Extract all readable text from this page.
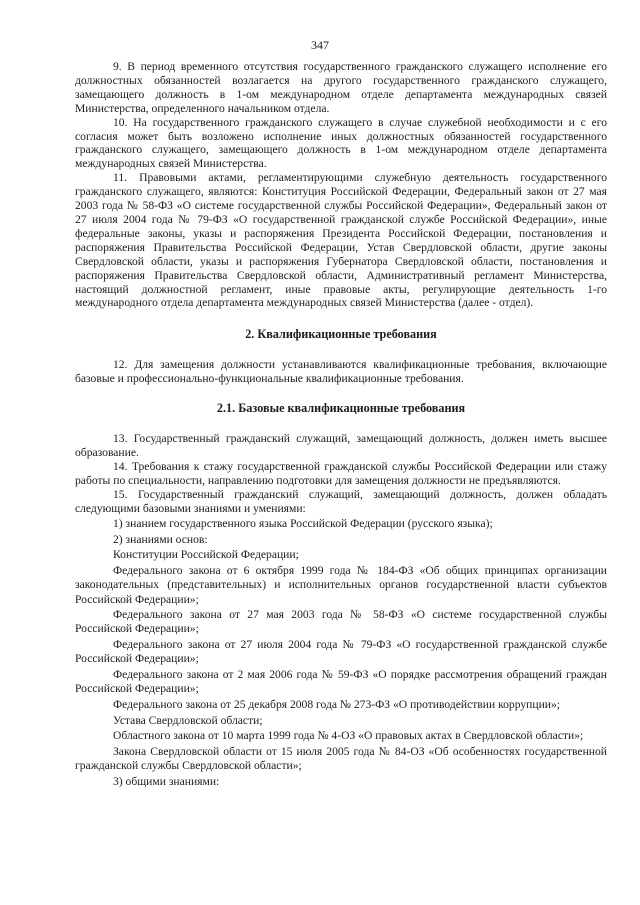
347

9. В период временного отсутствия государственного гражданского служащего исполнение его должностных обязанностей возлагается на другого государственного гражданского служащего, замещающего должность в 1-ом международном отделе департамента международных связей Министерства, определенного начальником отдела.

10. На государственного гражданского служащего в случае служебной необходимости и с его согласия может быть возложено исполнение иных должностных обязанностей государственного гражданского служащего, замещающего должность в 1-ом международном отделе департамента международных связей Министерства.

11. Правовыми актами, регламентирующими служебную деятельность государственного гражданского служащего, являются: Конституция Российской Федерации, Федеральный закон от 27 мая 2003 года № 58-ФЗ «О системе государственной службы Российской Федерации», Федеральный закон от 27 июля 2004 года № 79-ФЗ «О государственной гражданской службе Российской Федерации», иные федеральные законы, указы и распоряжения Президента Российской Федерации, постановления и распоряжения Правительства Российской Федерации, Устав Свердловской области, другие законы Свердловской области, указы и распоряжения Губернатора Свердловской области, постановления и распоряжения Правительства Свердловской области, Административный регламент Министерства, настоящий должностной регламент, иные правовые акты, регулирующие деятельность 1-го международного отдела департамента международных связей Министерства (далее - отдел).

2. Квалификационные требования

12. Для замещения должности устанавливаются квалификационные требования, включающие базовые и профессионально-функциональные квалификационные требования.

2.1. Базовые квалификационные требования

13. Государственный гражданский служащий, замещающий должность, должен иметь высшее образование.

14. Требования к стажу государственной гражданской службы Российской Федерации или стажу работы по специальности, направлению подготовки для замещения должности не предъявляются.

15. Государственный гражданский служащий, замещающий должность, должен обладать следующими базовыми знаниями и умениями:

1) знанием государственного языка Российской Федерации (русского языка);

2) знаниями основ:

Конституции Российской Федерации;

Федерального закона от 6 октября 1999 года № 184-ФЗ «Об общих принципах организации законодательных (представительных) и исполнительных органов государственной власти субъектов Российской Федерации»;

Федерального закона от 27 мая 2003 года № 58-ФЗ «О системе государственной службы Российской Федерации»;

Федерального закона от 27 июля 2004 года № 79-ФЗ «О государственной гражданской службе Российской Федерации»;

Федерального закона от 2 мая 2006 года № 59-ФЗ «О порядке рассмотрения обращений граждан Российской Федерации»;

Федерального закона от 25 декабря 2008 года № 273-ФЗ «О противодействии коррупции»;

Устава Свердловской области;

Областного закона от 10 марта 1999 года № 4-ОЗ «О правовых актах в Свердловской области»;

Закона Свердловской области от 15 июля 2005 года № 84-ОЗ «Об особенностях государственной гражданской службы Свердловской области»;

3) общими знаниями:
